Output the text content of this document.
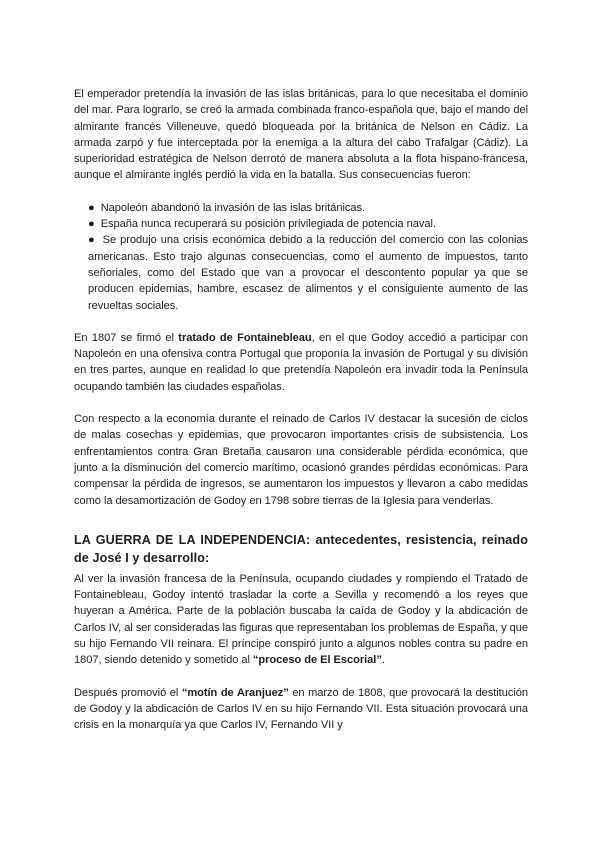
El emperador pretendía la invasión de las islas británicas, para lo que necesitaba el dominio del mar. Para lograrlo, se creó la armada combinada franco-española que, bajo el mando del almirante francés Villeneuve, quedó bloqueada por la británica de Nelson en Cádiz. La armada zarpó y fue interceptada por la enemiga a la altura del cabo Trafalgar (Cádiz). La superioridad estratégica de Nelson derrotó de manera absoluta a la flota hispano-francesa, aunque el almirante inglés perdió la vida en la batalla. Sus consecuencias fueron:

● Napoleón abandonó la invasión de las islas británicas.
● España nunca recuperará su posición privilegiada de potencia naval.
● Se produjo una crisis económica debido a la reducción del comercio con las colonias americanas. Esto trajo algunas consecuencias, como el aumento de impuestos, tanto señoriales, como del Estado que van a provocar el descontento popular ya que se producen epidemias, hambre, escasez de alimentos y el consiguiente aumento de las revueltas sociales.

En 1807 se firmó el tratado de Fontainebleau, en el que Godoy accedió a participar con Napoleón en una ofensiva contra Portugal que proponía la invasión de Portugal y su división en tres partes, aunque en realidad lo que pretendía Napoleón era invadir toda la Península ocupando también las ciudades españolas.

Con respecto a la economía durante el reinado de Carlos IV destacar la sucesión de ciclos de malas cosechas y epidemias, que provocaron importantes crisis de subsistencia. Los enfrentamientos contra Gran Bretaña causaron una considerable pérdida económica, que junto a la disminución del comercio marítimo, ocasionó grandes pérdidas económicas. Para compensar la pérdida de ingresos, se aumentaron los impuestos y llevaron a cabo medidas como la desamortización de Godoy en 1798 sobre tierras de la Iglesia para venderlas.

LA GUERRA DE LA INDEPENDENCIA: antecedentes, resistencia, reinado de José I y desarrollo:

Al ver la invasión francesa de la Península, ocupando ciudades y rompiendo el Tratado de Fontainebleau, Godoy intentó trasladar la corte a Sevilla y recomendó a los reyes que huyeran a América. Parte de la población buscaba la caída de Godoy y la abdicación de Carlos IV, al ser consideradas las figuras que representaban los problemas de España, y que su hijo Fernando VII reinara. El príncipe conspiró junto a algunos nobles contra su padre en 1807, siendo detenido y sometido al “proceso de El Escorial”.

Después promovió el “motín de Aranjuez” en marzo de 1808, que provocará la destitución de Godoy y la abdicación de Carlos IV en su hijo Fernando VII. Esta situación provocará una crisis en la monarquía ya que Carlos IV, Fernando VII y
